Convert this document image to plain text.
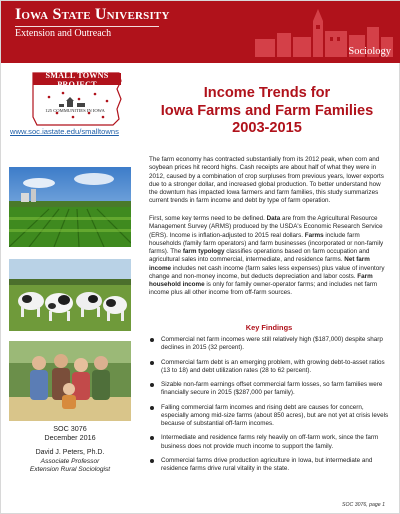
Iowa State University
Extension and Outreach
Sociology
SMALL TOWNS PROJECT
125 COMMUNITIES IN IOWA
www.soc.iastate.edu/smalltowns
SOC 3076
December 2016
David J. Peters, Ph.D.
Associate Professor
Extension Rural Sociologist
Income Trends for
Iowa Farms and Farm Families
2003-2015
The farm economy has contracted substantially from its 2012 peak, when corn and soybean prices hit record highs. Cash receipts are about half of what they were in 2012, caused by a combination of crop surpluses from previous years, lower exports due to a stronger dollar, and increased global production. To better understand how the downturn has impacted Iowa farmers and farm families, this study summarizes current trends in farm income and debt by type of farm operation.
First, some key terms need to be defined. Data are from the Agricultural Resource Management Survey (ARMS) produced by the USDA's Economic Research Service (ERS). Income is inflation-adjusted to 2015 real dollars. Farms include farm households (family farm operators) and farm businesses (incorporated or non-family farms). The farm typology classifies operations based on farm occupation and agricultural sales into commercial, intermediate, and residence farms. Net farm income includes net cash income (farm sales less expenses) plus value of inventory change and non-money income, but deducts depreciation and labor costs. Farm household income is only for family owner-operator farms; and includes net farm income plus all other income from off-farm sources.
Key Findings
Commercial net farm incomes were still relatively high ($187,000) despite sharp declines in 2015 (32 percent).
Commercial farm debt is an emerging problem, with growing debt-to-asset ratios (13 to 18) and debt utilization rates (28 to 62 percent).
Sizable non-farm earnings offset commercial farm losses, so farm families were financially secure in 2015 ($287,000 per family).
Falling commercial farm incomes and rising debt are causes for concern, especially among mid-size farms (about 850 acres), but are not yet at crisis levels because of substantial off-farm incomes.
Intermediate and residence farms rely heavily on off-farm work, since the farm business does not provide much income to support the family.
Commercial farms drive production agriculture in Iowa, but intermediate and residence farms drive rural vitality in the state.
SOC 3076, page 1
